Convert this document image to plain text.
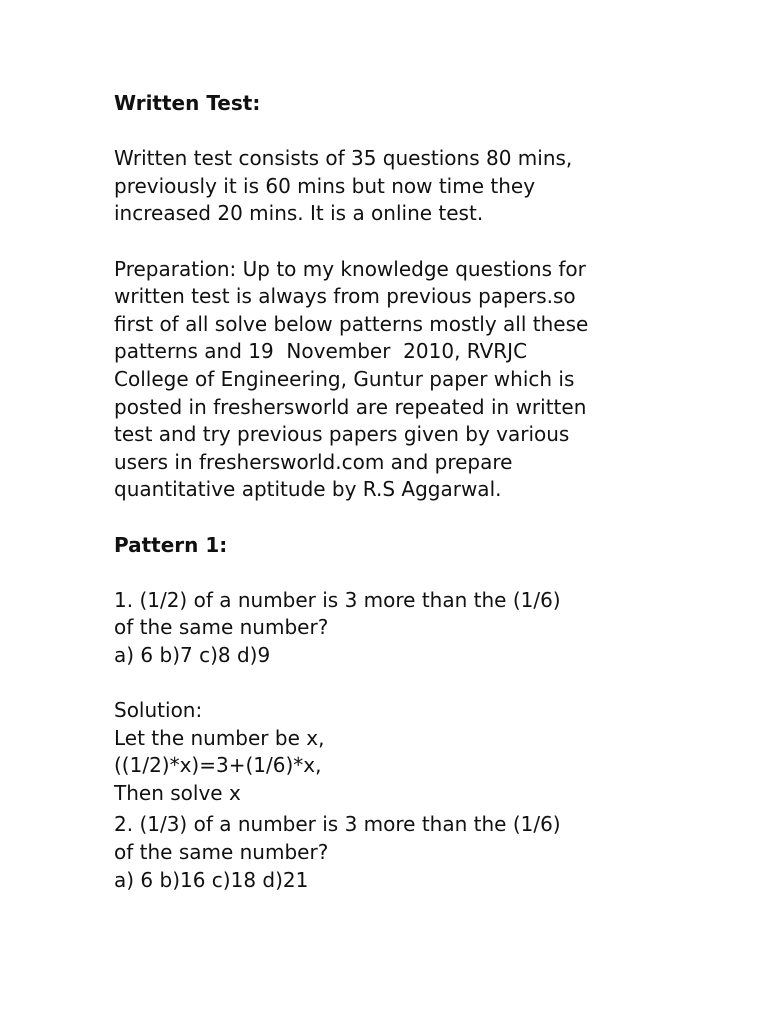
Written Test:
Written test consists of 35 questions 80 mins,
previously it is 60 mins but now time they
increased 20 mins. It is a online test.
Preparation: Up to my knowledge questions for
written test is always from previous papers.so
first of all solve below patterns mostly all these
patterns and 19  November  2010, RVRJC
College of Engineering, Guntur paper which is
posted in freshersworld are repeated in written
test and try previous papers given by various
users in freshersworld.com and prepare
quantitative aptitude by R.S Aggarwal.
Pattern 1:
1. (1/2) of a number is 3 more than the (1/6)
of the same number?
a) 6 b)7 c)8 d)9
Solution:
Let the number be x,
((1/2)*x)=3+(1/6)*x,
Then solve x
2. (1/3) of a number is 3 more than the (1/6)
of the same number?
a) 6 b)16 c)18 d)21
